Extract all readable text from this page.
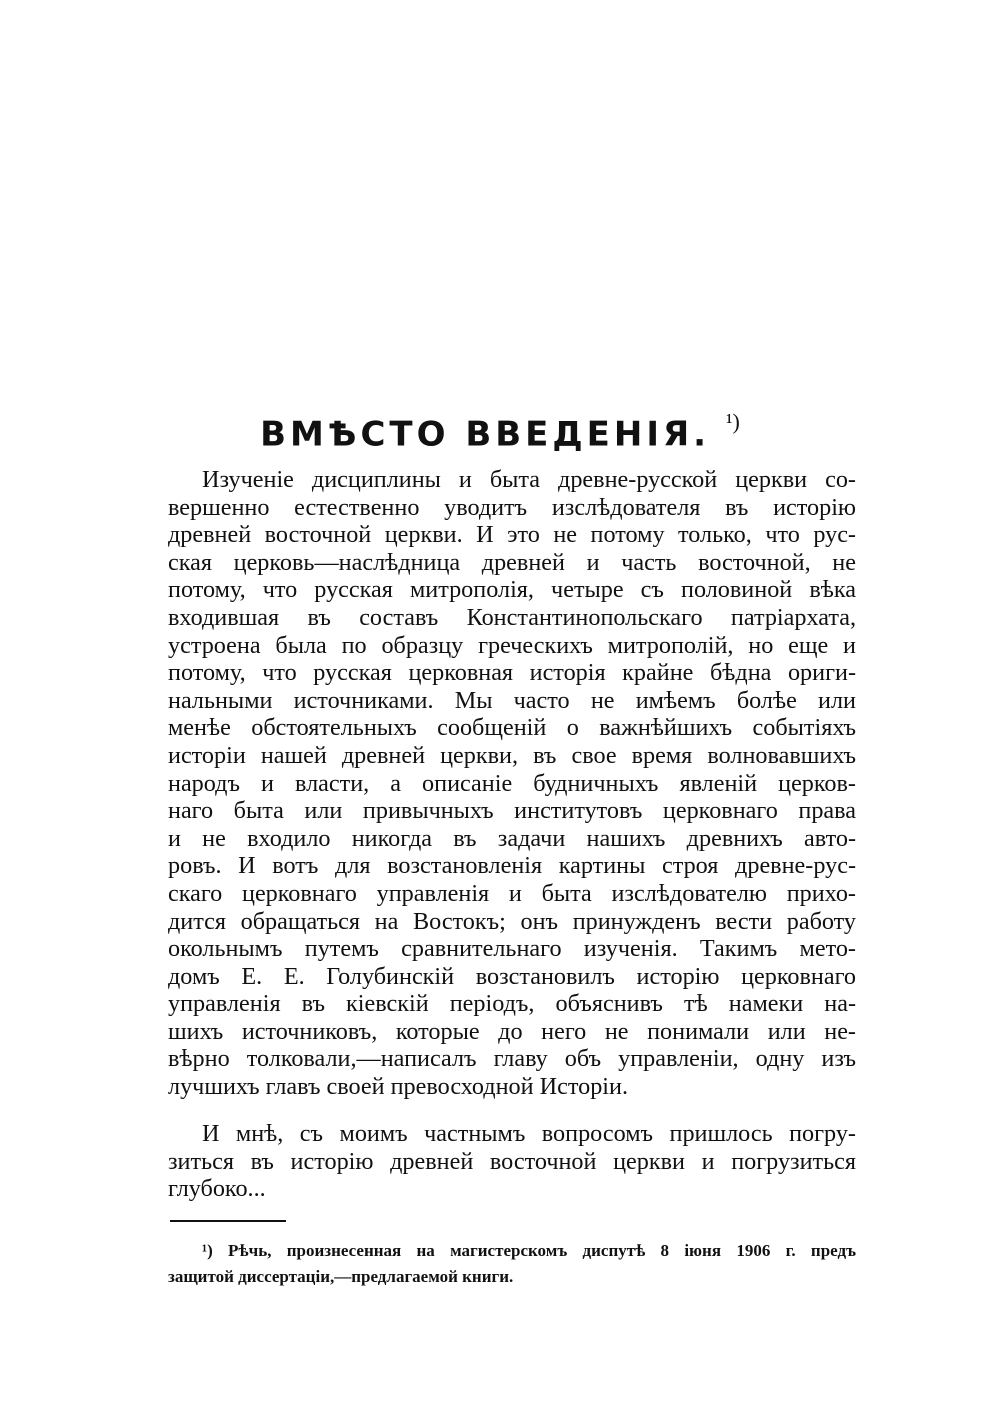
ВМѢСТО ВВЕДЕНІЯ. $^{^1)}$
Изученіе дисциплины и быта древне-русской церкви со-
вершенно естественно уводитъ изслѣдователя въ исторію
древней восточной церкви. И это не потому только, что рус-
ская церковь—наслѣдница древней и часть восточной, не
потому, что русская митрополія, четыре съ половиной вѣка
входившая въ составъ Константинопольскаго патріархата,
устроена была по образцу греческихъ митрополій, но еще и
потому, что русская церковная исторія крайне бѣдна ориги-
нальными источниками. Мы часто не имѣемъ болѣе или
менѣе обстоятельныхъ сообщеній о важнѣйшихъ событіяхъ
исторіи нашей древней церкви, въ свое время волновавшихъ
народъ и власти, а описаніе будничныхъ явленій церков-
наго быта или привычныхъ институтовъ церковнаго права
и не входило никогда въ задачи нашихъ древнихъ авто-
ровъ. И вотъ для возстановленія картины строя древне-рус-
скаго церковнаго управленія и быта изслѣдователю прихо-
дится обращаться на Востокъ; онъ принужденъ вести работу
окольнымъ путемъ сравнительнаго изученія. Такимъ мето-
домъ Е. Е. Голубинскій возстановилъ исторію церковнаго
управленія въ кіевскій періодъ, объяснивъ тѣ намеки на-
шихъ источниковъ, которые до него не понимали или не-
вѣрно толковали,—написалъ главу объ управленіи, одну изъ
лучшихъ главъ своей превосходной Исторіи.
И мнѣ, съ моимъ частнымъ вопросомъ пришлось погру-
зиться въ исторію древней восточной церкви и погрузиться
глубоко...
¹) Рѣчь, произнесенная на магистерскомъ диспутѣ 8 іюня 1906 г. предъ
защитой диссертаціи,—предлагаемой книги.
